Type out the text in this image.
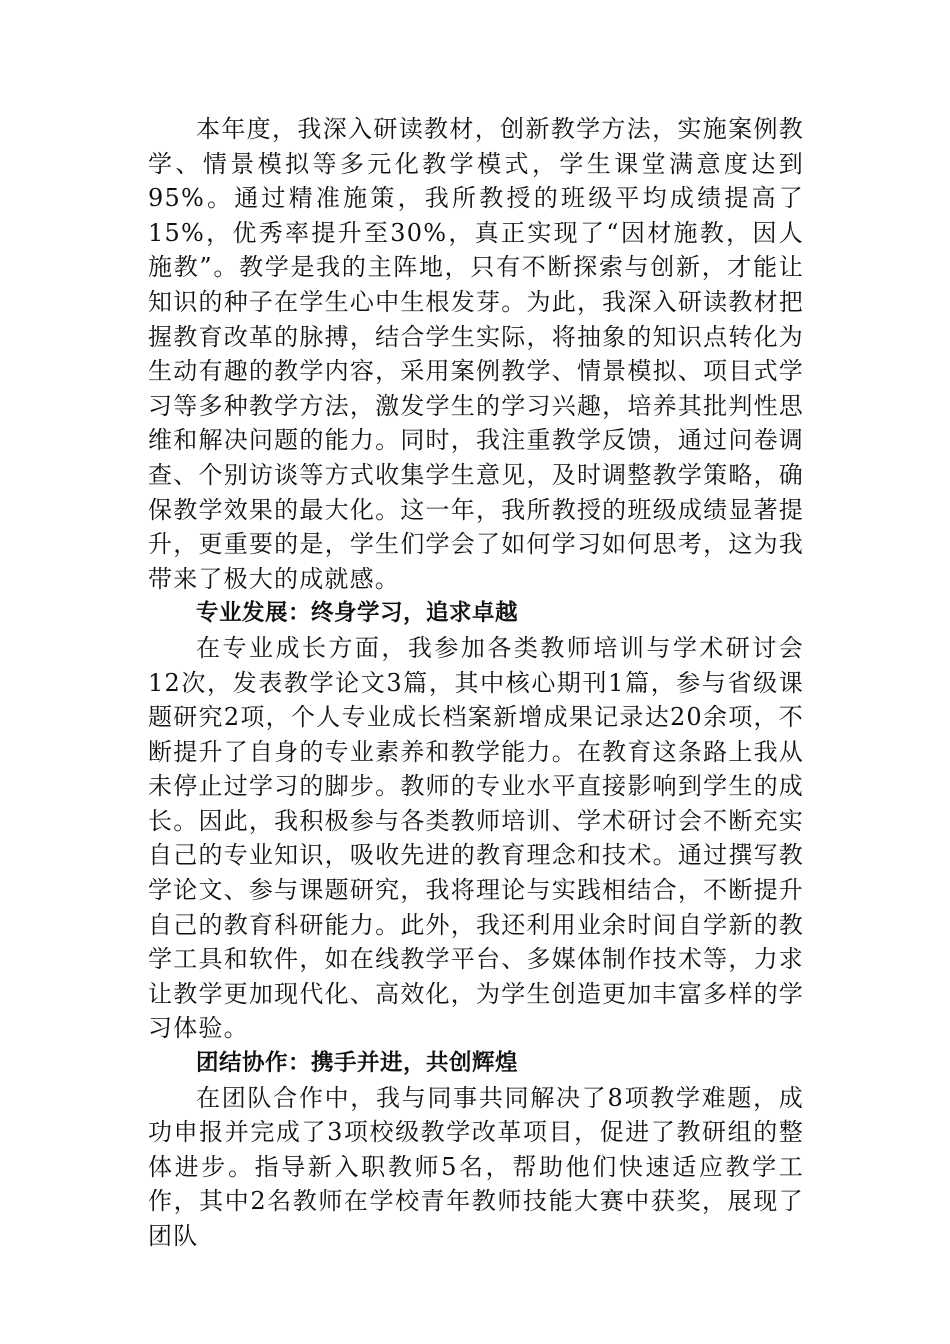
本年度，我深入研读教材，创新教学方法，实施案例教学、情景模拟等多元化教学模式，学生课堂满意度达到95%。通过精准施策，我所教授的班级平均成绩提高了15%，优秀率提升至30%，真正实现了“因材施教，因人施教”。教学是我的主阵地，只有不断探索与创新，才能让知识的种子在学生心中生根发芽。为此，我深入研读教材把握教育改革的脉搏，结合学生实际，将抽象的知识点转化为生动有趣的教学内容，采用案例教学、情景模拟、项目式学习等多种教学方法，激发学生的学习兴趣，培养其批判性思维和解决问题的能力。同时，我注重教学反馈，通过问卷调查、个别访谈等方式收集学生意见，及时调整教学策略，确保教学效果的最大化。这一年，我所教授的班级成绩显著提升，更重要的是，学生们学会了如何学习如何思考，这为我带来了极大的成就感。

专业发展：终身学习，追求卓越

在专业成长方面，我参加各类教师培训与学术研讨会12次，发表教学论文3篇，其中核心期刊1篇，参与省级课题研究2项，个人专业成长档案新增成果记录达20余项，不断提升了自身的专业素养和教学能力。在教育这条路上我从未停止过学习的脚步。教师的专业水平直接影响到学生的成长。因此，我积极参与各类教师培训、学术研讨会不断充实自己的专业知识，吸收先进的教育理念和技术。通过撰写教学论文、参与课题研究，我将理论与实践相结合，不断提升自己的教育科研能力。此外，我还利用业余时间自学新的教学工具和软件，如在线教学平台、多媒体制作技术等，力求让教学更加现代化、高效化，为学生创造更加丰富多样的学习体验。

团结协作：携手并进，共创辉煌

在团队合作中，我与同事共同解决了8项教学难题，成功申报并完成了3项校级教学改革项目，促进了教研组的整体进步。指导新入职教师5名，帮助他们快速适应教学工作，其中2名教师在学校青年教师技能大赛中获奖，展现了团队
